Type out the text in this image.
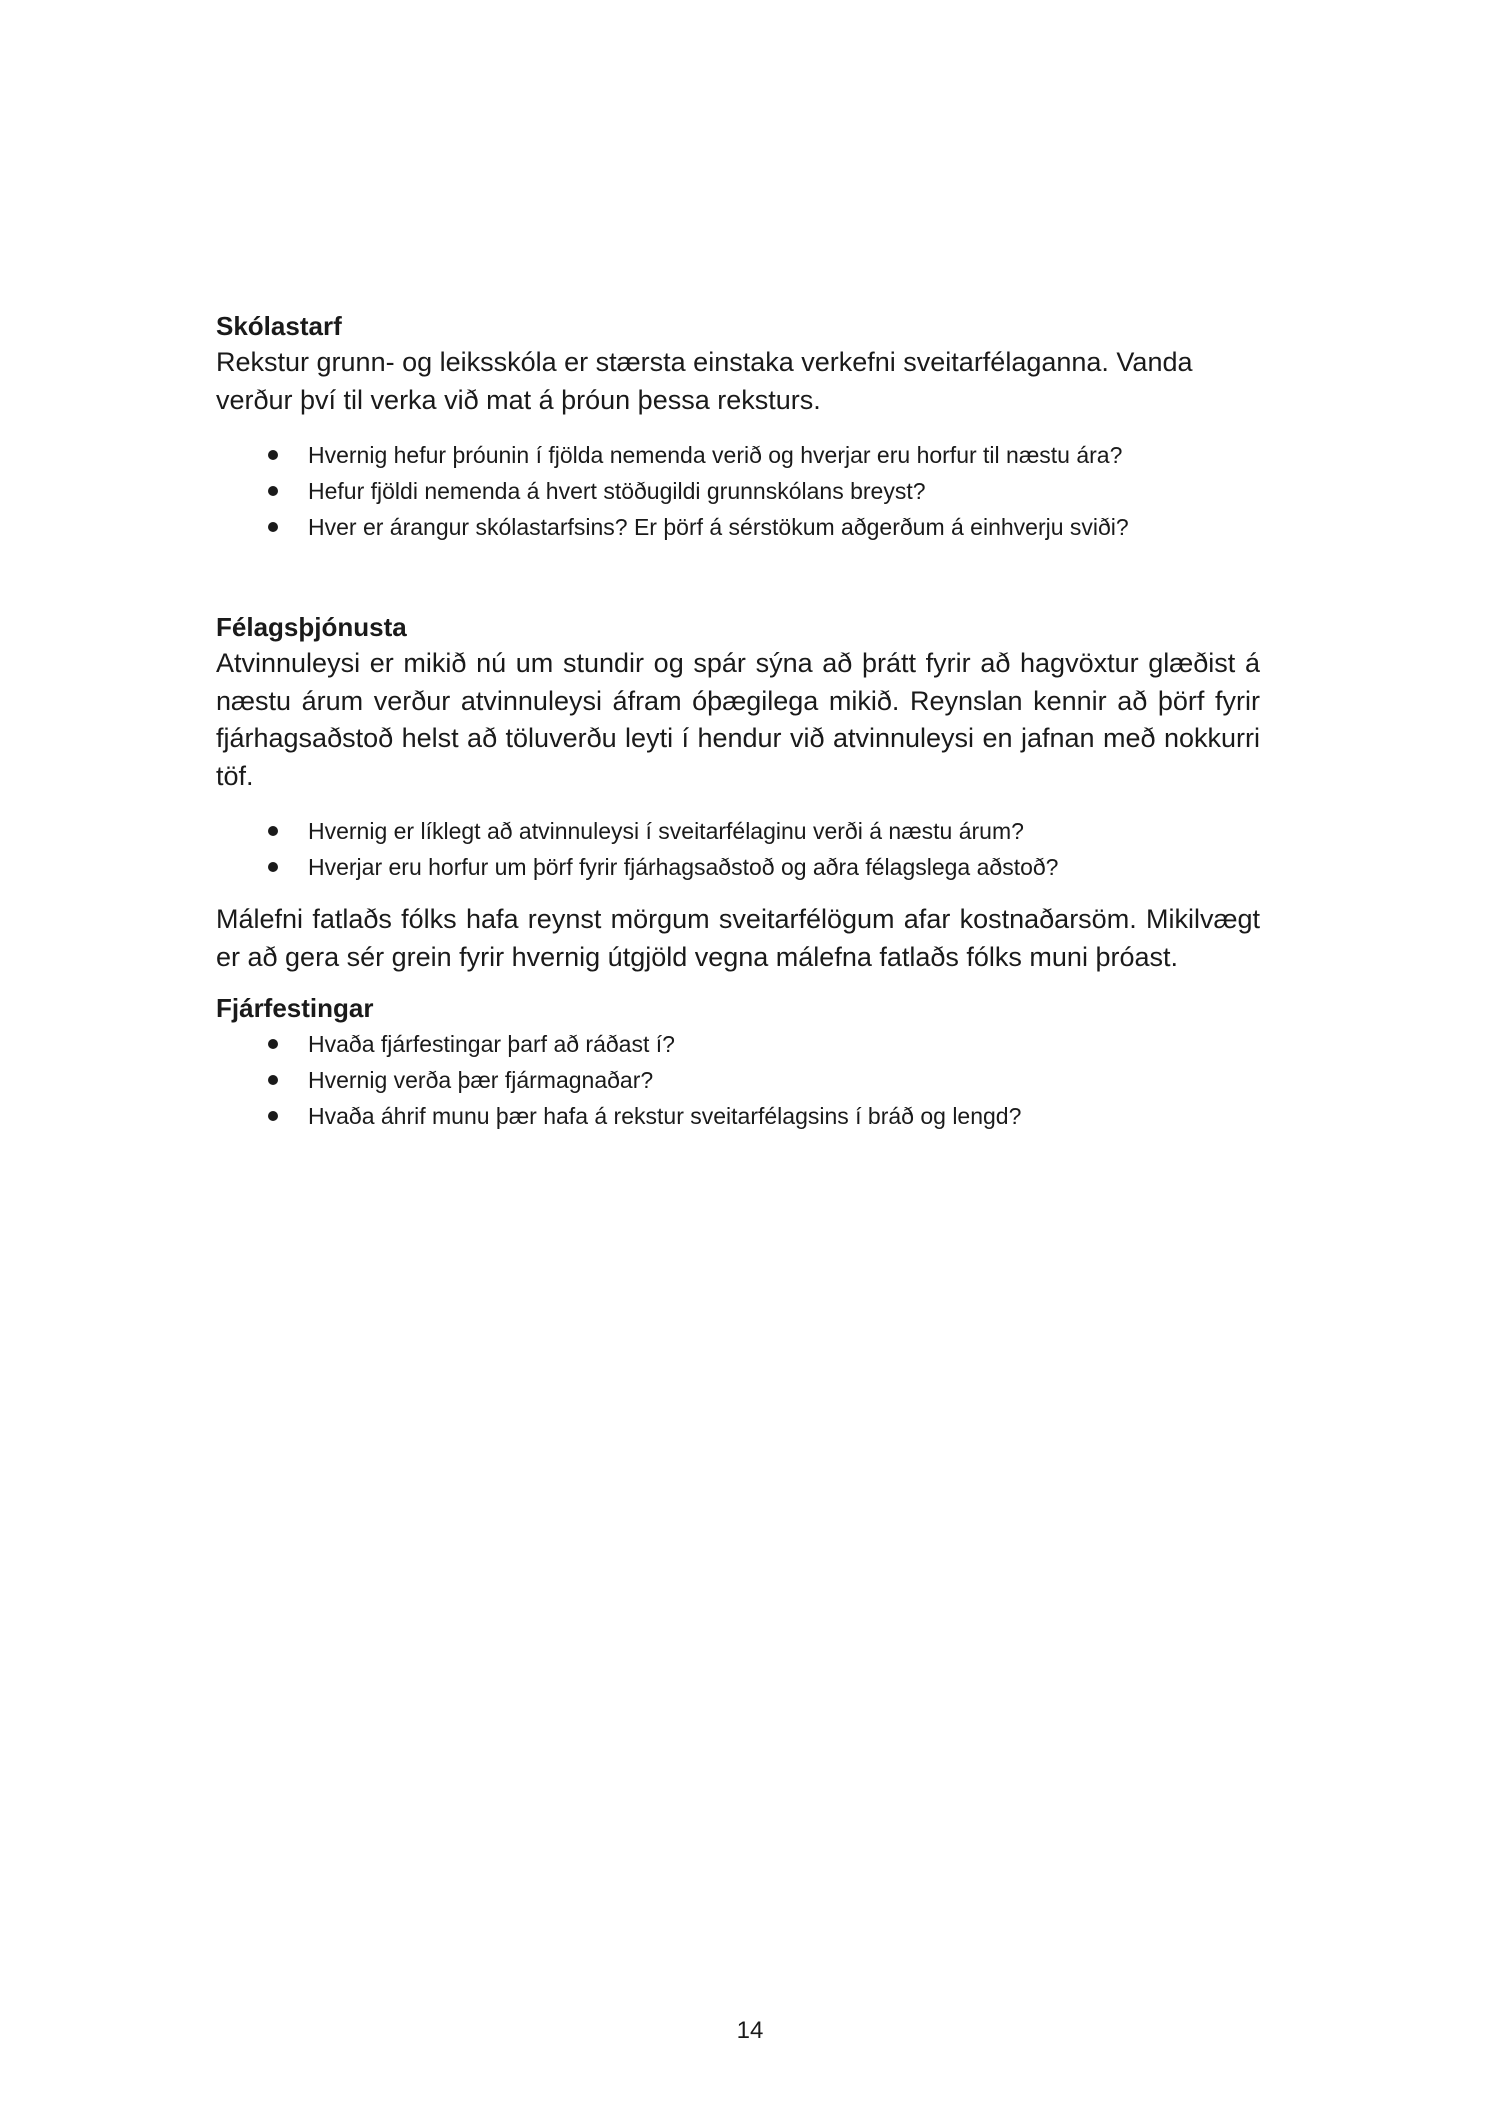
Skólastarf

Rekstur grunn- og leiksskóla er stærsta einstaka verkefni sveitarfélaganna. Vanda verður því til verka við mat á þróun þessa reksturs.

Hvernig hefur þróunin í fjölda nemenda verið og hverjar eru horfur til næstu ára?
Hefur fjöldi nemenda á hvert stöðugildi grunnskólans breyst?
Hver er árangur skólastarfsins? Er þörf á sérstökum aðgerðum á einhverju sviði?
Félagsþjónusta

Atvinnuleysi er mikið nú um stundir og spár sýna að þrátt fyrir að hagvöxtur glæðist á næstu árum verður atvinnuleysi áfram óþægilega mikið. Reynslan kennir að þörf fyrir fjárhagsaðstoð helst að töluverðu leyti í hendur við atvinnuleysi en jafnan með nokkurri töf.

Hvernig er líklegt að atvinnuleysi í sveitarfélaginu verði á næstu árum?
Hverjar eru horfur um þörf fyrir fjárhagsaðstoð og aðra félagslega aðstoð?

Málefni fatlaðs fólks hafa reynst mörgum sveitarfélögum afar kostnaðarsöm. Mikilvægt er að gera sér grein fyrir hvernig útgjöld vegna málefna fatlaðs fólks muni þróast.

Fjárfestingar
Hvaða fjárfestingar þarf að ráðast í?
Hvernig verða þær fjármagnaðar?
Hvaða áhrif munu þær hafa á rekstur sveitarfélagsins í bráð og lengd?
14
